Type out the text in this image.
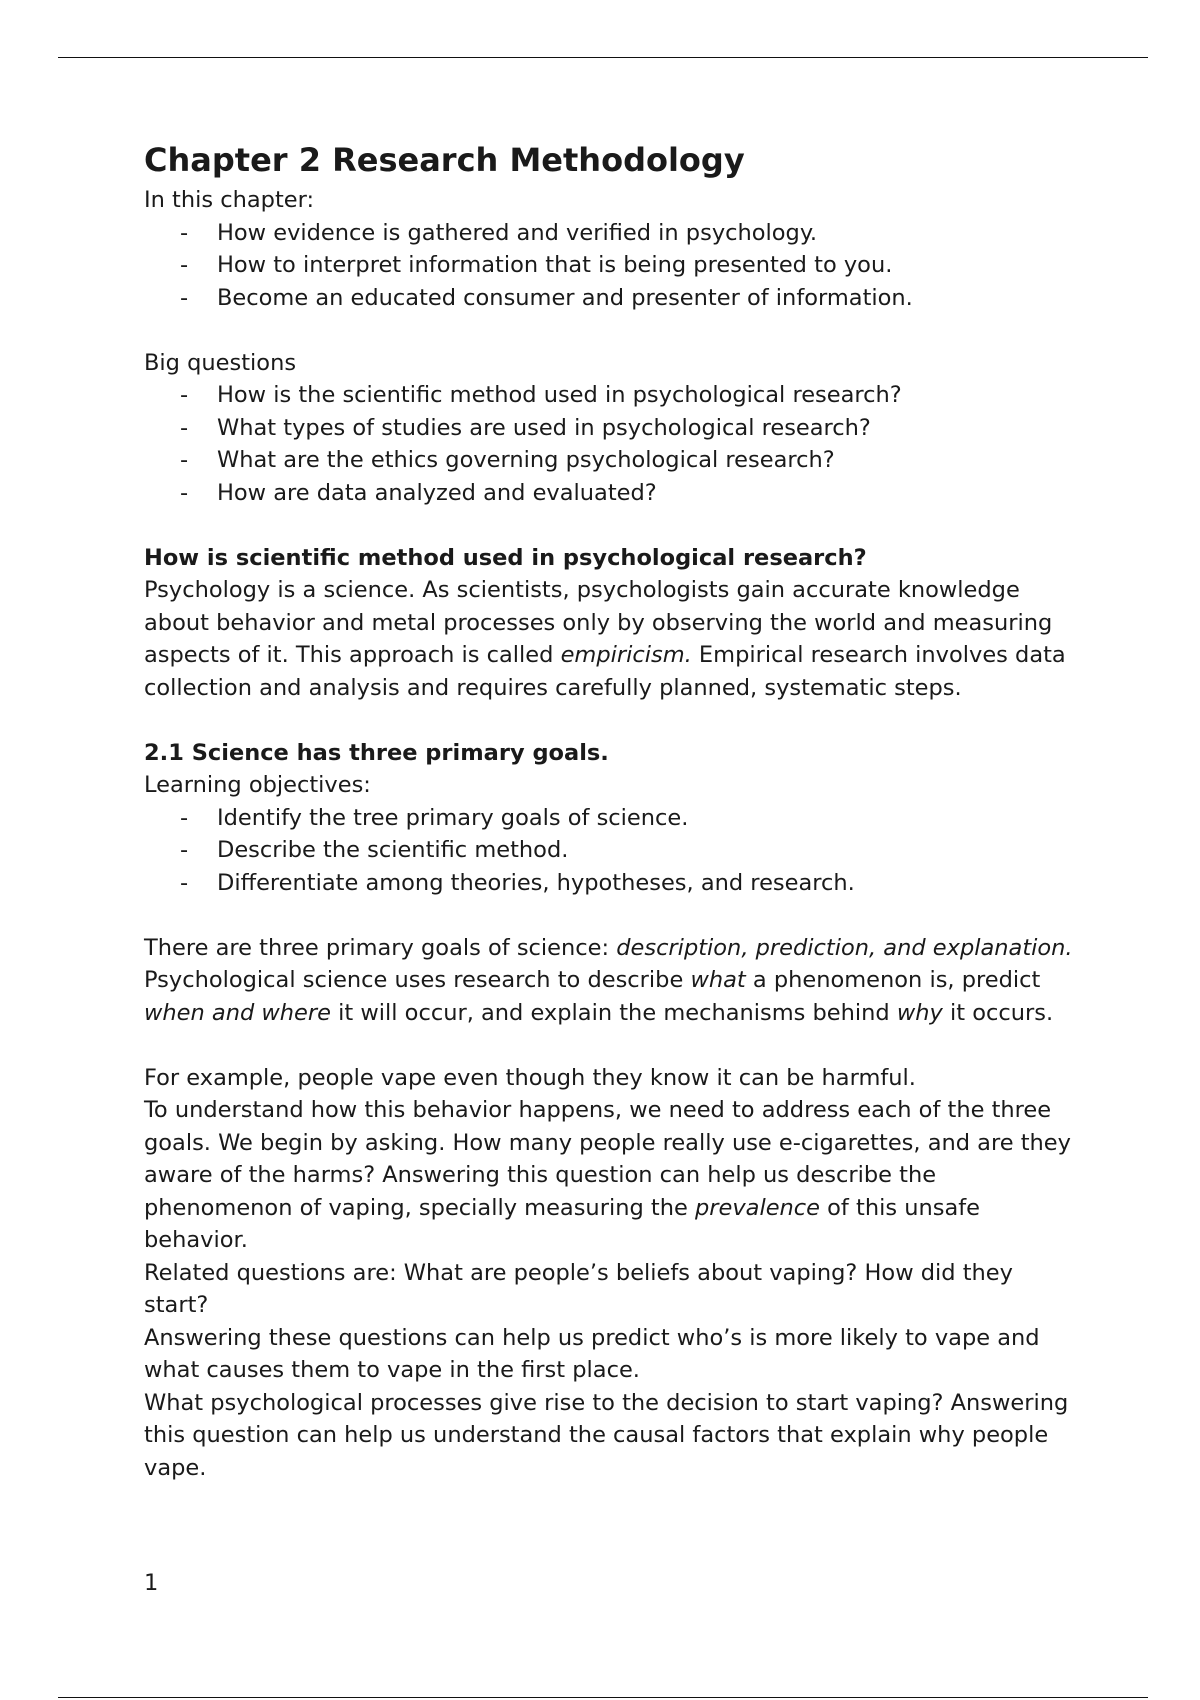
Chapter 2 Research Methodology

In this chapter:

- How evidence is gathered and verified in psychology.
- How to interpret information that is being presented to you.
- Become an educated consumer and presenter of information.

Big questions

- How is the scientific method used in psychological research?
- What types of studies are used in psychological research?
- What are the ethics governing psychological research?
- How are data analyzed and evaluated?

How is scientific method used in psychological research?

Psychology is a science. As scientists, psychologists gain accurate knowledge about behavior and metal processes only by observing the world and measuring aspects of it. This approach is called empiricism. Empirical research involves data collection and analysis and requires carefully planned, systematic steps.

2.1 Science has three primary goals.

Learning objectives:

- Identify the tree primary goals of science.
- Describe the scientific method.
- Differentiate among theories, hypotheses, and research.

There are three primary goals of science: description, prediction, and explanation. Psychological science uses research to describe what a phenomenon is, predict when and where it will occur, and explain the mechanisms behind why it occurs.

For example, people vape even though they know it can be harmful.

To understand how this behavior happens, we need to address each of the three goals. We begin by asking. How many people really use e-cigarettes, and are they aware of the harms? Answering this question can help us describe the phenomenon of vaping, specially measuring the prevalence of this unsafe behavior.

Related questions are: What are people’s beliefs about vaping? How did they start?

Answering these questions can help us predict who’s is more likely to vape and what causes them to vape in the first place.

What psychological processes give rise to the decision to start vaping? Answering this question can help us understand the causal factors that explain why people vape.

1
